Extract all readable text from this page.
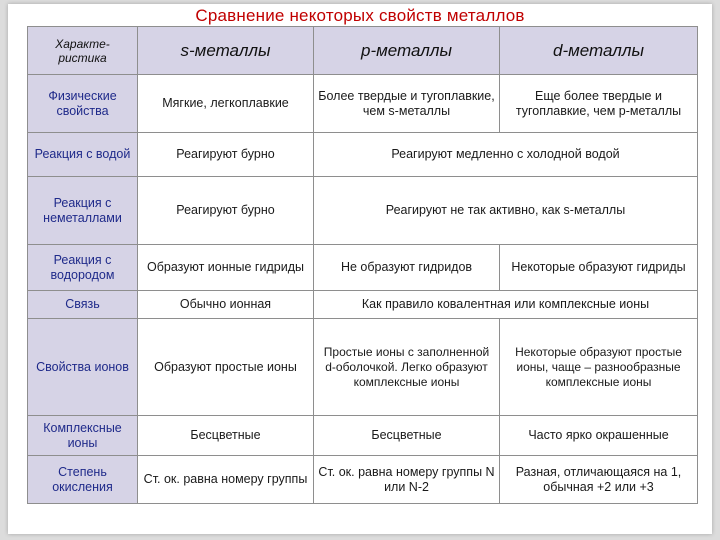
Сравнение некоторых свойств металлов
Характе-ристика	s-металлы	p-металлы	d-металлы
Физические свойства	Мягкие, легкоплавкие	Более твердые и тугоплавкие, чем s-металлы	Еще более твердые и тугоплавкие, чем p-металлы
Реакция с водой	Реагируют бурно	Реагируют медленно с холодной водой	
Реакция с неметаллами	Реагируют бурно	Реагируют не так активно, как s-металлы	
Реакция с водородом	Образуют ионные гидриды	Не образуют гидридов	Некоторые образуют гидриды
Связь	Обычно ионная	Как правило ковалентная или комплексные ионы	
Свойства ионов	Образуют простые ионы	Простые ионы с заполненной d-оболочкой. Легко образуют комплексные ионы	Некоторые образуют простые ионы, чаще – разнообразные комплексные ионы
Комплексные ионы	Бесцветные	Бесцветные	Часто ярко окрашенные
Степень окисления	Ст. ок. равна номеру группы	Ст. ок. равна номеру группы N или N-2	Разная, отличающаяся на 1, обычная +2 или +3
